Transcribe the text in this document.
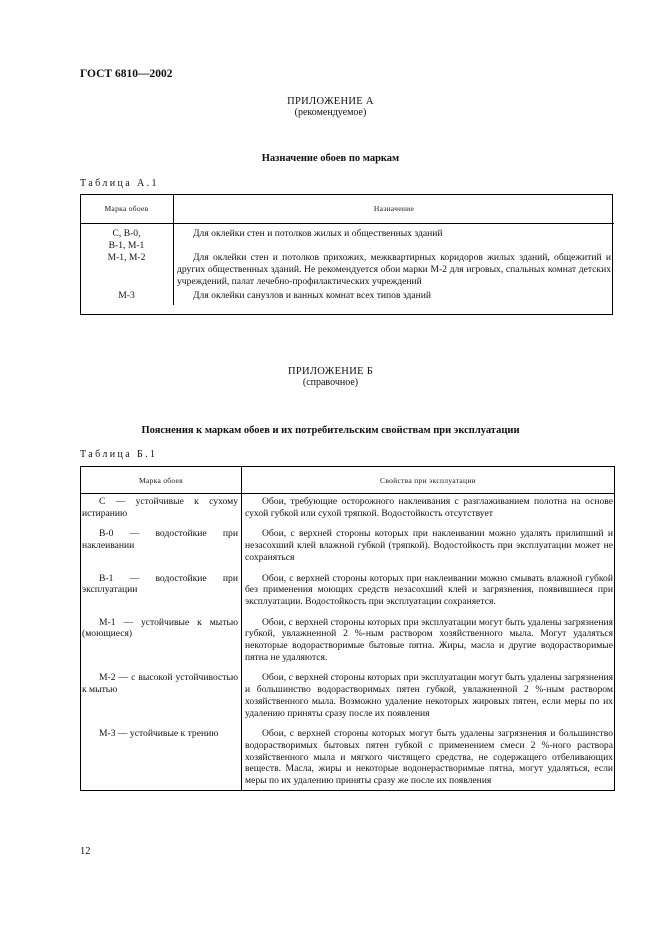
ГОСТ 6810—2002
ПРИЛОЖЕНИЕ А
(рекомендуемое)
Назначение обоев по маркам
Таблица А.1
Марка обоев	Назначение

С, В-0,
В-1, М-1	Для оклейки стен и потолков жилых и общественных зданий

М-1, М-2	Для оклейки стен и потолков прихожих, межквартирных коридоров жилых зданий, общежитий и других общественных зданий. Не рекомендуется обои марки М-2 для игровых, спальных комнат детских учреждений, палат лечебно-профилактических учреждений

М-3	Для оклейки санузлов и ванных комнат всех типов зданий
ПРИЛОЖЕНИЕ Б
(справочное)
Пояснения к маркам обоев и их потребительским свойствам при эксплуатации
Таблица Б.1
Марка обоев	Свойства при эксплуатации
С — устойчивые к сухому истиранию	Обои, требующие осторожного наклеивания с разглаживанием полотна на основе сухой губкой или сухой тряпкой. Водостойкость отсутствует
В-0 — водостойкие при наклеивании	Обои, с верхней стороны которых при наклеивании можно удалять прилипший и незасохший клей влажной губкой (тряпкой). Водостойкость при эксплуатации может не сохраняться
В-1 — водостойкие при эксплуатации	Обои, с верхней стороны которых при наклеивании можно смывать влажной губкой без применения моющих средств незасохший клей и загрязнения, появившиеся при эксплуатации. Водостойкость при эксплуатации сохраняется.
М-1 — устойчивые к мытью (моющиеся)	Обои, с верхней стороны которых при эксплуатации могут быть удалены загрязнения губкой, увлажненной 2 %-ным раствором хозяйственного мыла. Могут удаляться некоторые водорастворимые бытовые пятна. Жиры, масла и другие водорастворимые пятна не удаляются.
М-2 — с высокой устойчивостью к мытью	Обои, с верхней стороны которых при эксплуатации могут быть удалены загрязнения и большинство водорастворимых пятен губкой, увлажненной 2 %-ным раствором хозяйственного мыла. Возможно удаление некоторых жировых пятен, если меры по их удалению приняты сразу после их появления
М-3 — устойчивые к трению	Обои, с верхней стороны которых могут быть удалены загрязнения и большинство водорастворимых бытовых пятен губкой с применением смеси 2 %-ного раствора хозяйственного мыла и мягкого чистящего средства, не содержащего отбеливающих веществ. Масла, жиры и некоторые водонерастворимые пятна, могут удаляться, если меры по их удалению приняты сразу же после их появления
12
